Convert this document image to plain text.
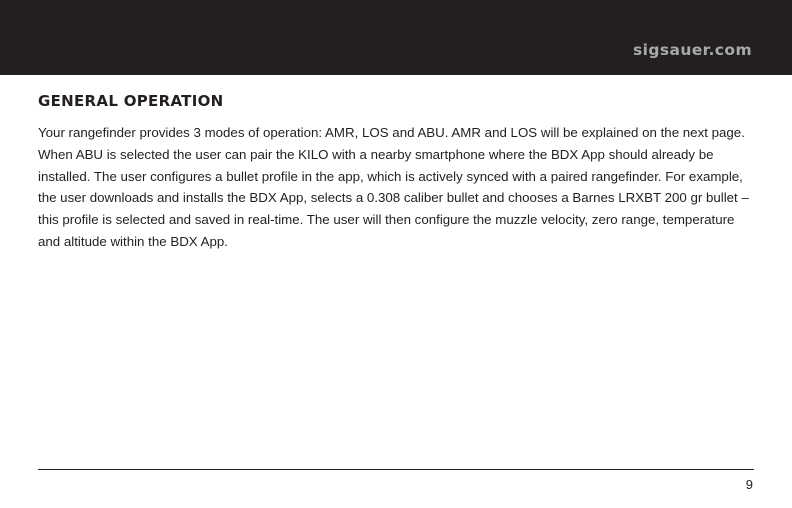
sigsauer.com
GENERAL OPERATION

Your rangefinder provides 3 modes of operation: AMR, LOS and ABU. AMR and LOS will be explained on the next page. When ABU is selected the user can pair the KILO with a nearby smartphone where the BDX App should already be installed. The user configures a bullet profile in the app, which is actively synced with a paired rangefinder. For example, the user downloads and installs the BDX App, selects a 0.308 caliber bullet and chooses a Barnes LRXBT 200 gr bullet – this profile is selected and saved in real-time. The user will then configure the muzzle velocity, zero range, temperature and altitude within the BDX App.

9
